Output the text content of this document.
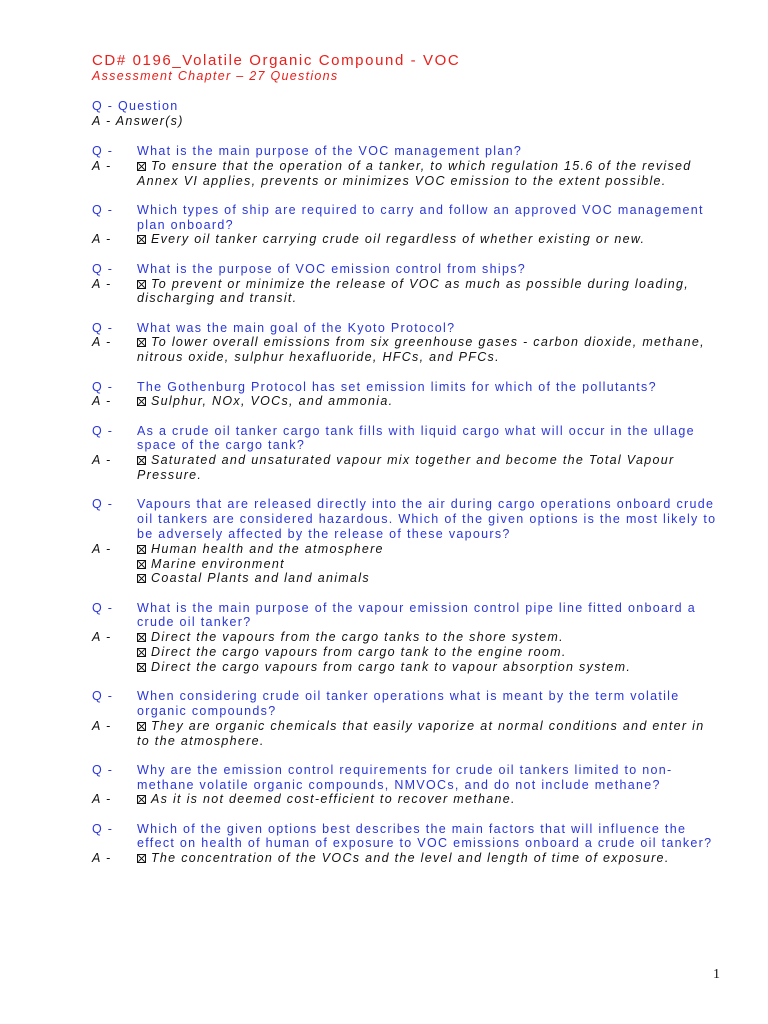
CD# 0196_Volatile Organic Compound - VOC
Assessment Chapter – 27 Questions
Q - Question
A - Answer(s)
Q -	What is the main purpose of the VOC management plan?
A -	To ensure that the operation of a tanker, to which regulation 15.6 of the revised Annex VI applies, prevents or minimizes VOC emission to the extent possible.
Q -	Which types of ship are required to carry and follow an approved VOC management plan onboard?
A -	Every oil tanker carrying crude oil regardless of whether existing or new.
Q -	What is the purpose of VOC emission control from ships?
A -	To prevent or minimize the release of VOC as much as possible during loading, discharging and transit.
Q -	What was the main goal of the Kyoto Protocol?
A -	To lower overall emissions from six greenhouse gases - carbon dioxide, methane, nitrous oxide, sulphur hexafluoride, HFCs, and PFCs.
Q -	The Gothenburg Protocol has set emission limits for which of the pollutants?
A -	Sulphur, NOx, VOCs, and ammonia.
Q -	As a crude oil tanker cargo tank fills with liquid cargo what will occur in the ullage space of the cargo tank?
A -	Saturated and unsaturated vapour mix together and become the Total Vapour Pressure.
Q -	Vapours that are released directly into the air during cargo operations onboard crude oil tankers are considered hazardous. Which of the given options is the most likely to be adversely affected by the release of these vapours?
A -	Human health and the atmosphere
Marine environment
Coastal Plants and land animals
Q -	What is the main purpose of the vapour emission control pipe line fitted onboard a crude oil tanker?
A -	Direct the vapours from the cargo tanks to the shore system.
Direct the cargo vapours from cargo tank to the engine room.
Direct the cargo vapours from cargo tank to vapour absorption system.
Q -	When considering crude oil tanker operations what is meant by the term volatile organic compounds?
A -	They are organic chemicals that easily vaporize at normal conditions and enter in to the atmosphere.
Q -	Why are the emission control requirements for crude oil tankers limited to non- methane volatile organic compounds, NMVOCs, and do not include methane?
A -	As it is not deemed cost-efficient to recover methane.
Q -	Which of the given options best describes the main factors that will influence the effect on health of human of exposure to VOC emissions onboard a crude oil tanker?
A -	The concentration of the VOCs and the level and length of time of exposure.
1
